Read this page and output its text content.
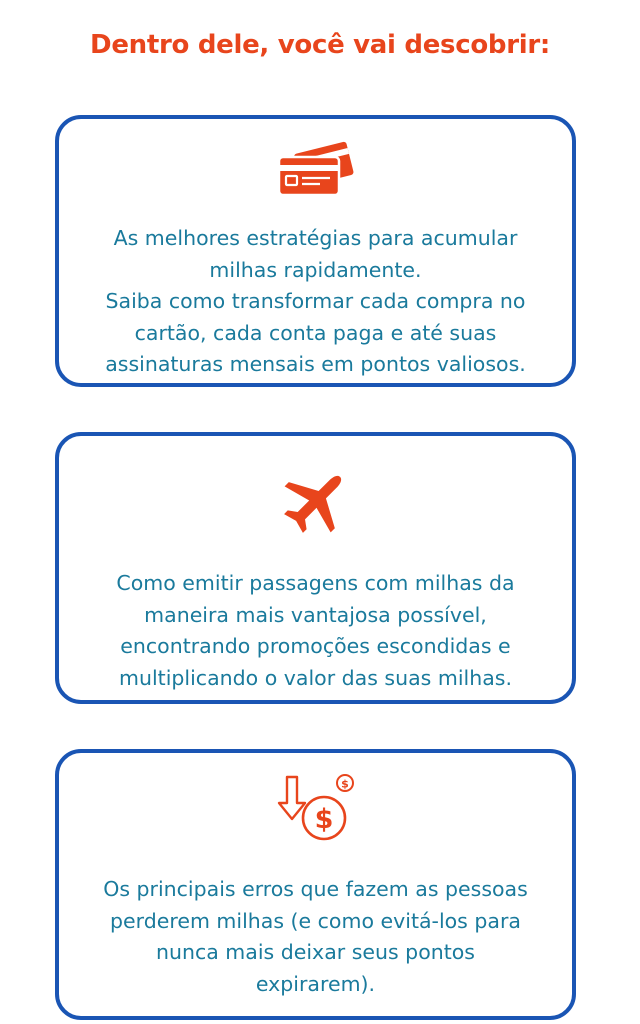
Dentro dele, você vai descobrir:

As melhores estratégias para acumular
milhas rapidamente.
Saiba como transformar cada compra no
cartão, cada conta paga e até suas
assinaturas mensais em pontos valiosos.

Como emitir passagens com milhas da
maneira mais vantajosa possível,
encontrando promoções escondidas e
multiplicando o valor das suas milhas.

$
$

Os principais erros que fazem as pessoas
perderem milhas (e como evitá-los para
nunca mais deixar seus pontos
expirarem).
